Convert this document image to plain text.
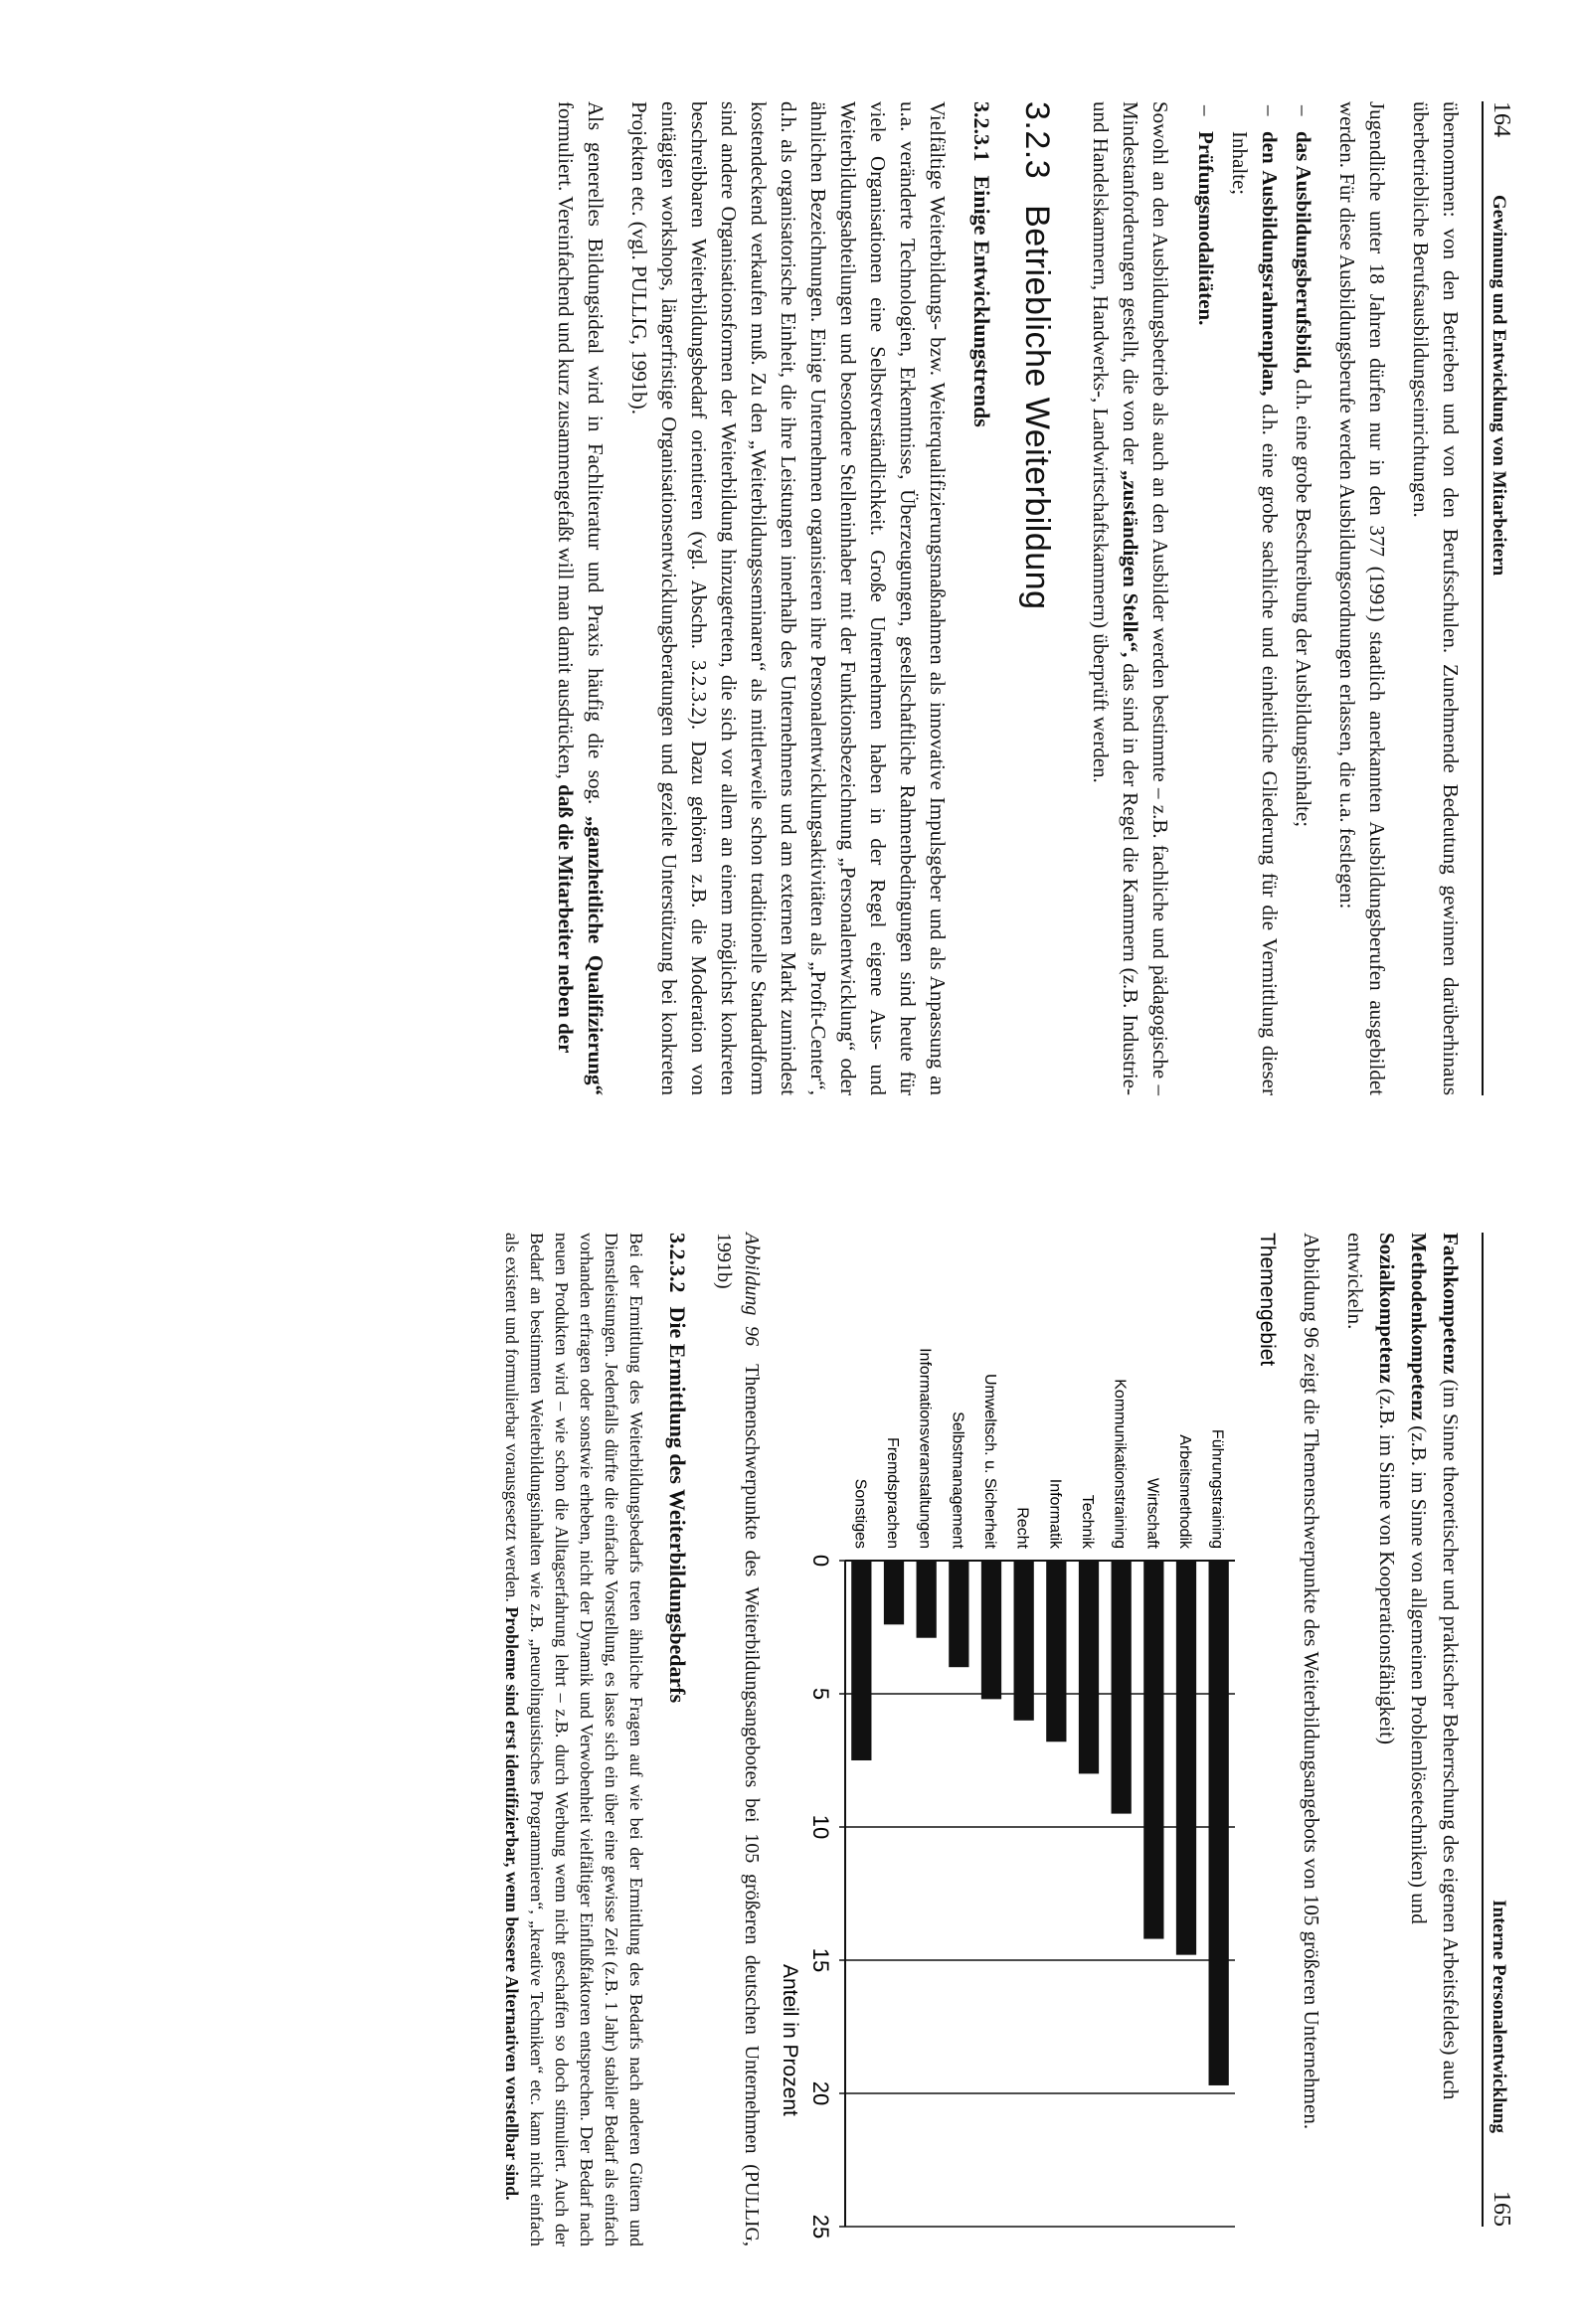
164
Gewinnung und Entwicklung von Mitarbeitern

übernommen: von den Betrieben und von den Berufsschulen. Zunehmende Bedeutung gewinnen darüberhinaus überbetriebliche Berufsausbildungseinrichtungen.

Jugendliche unter 18 Jahren dürfen nur in den 377 (1991) staatlich anerkannten Ausbildungsberufen ausgebildet werden. Für diese Ausbildungsberufe werden Ausbildungsordnungen erlassen, die u.a. festlegen:

– das Ausbildungsberufsbild, d.h. eine grobe Beschreibung der Ausbildungsinhalte;
– den Ausbildungsrahmenplan, d.h. eine grobe sachliche und einheitliche Gliederung für die Vermittlung dieser Inhalte;
– Prüfungsmodalitäten.

Sowohl an den Ausbildungsbetrieb als auch an den Ausbilder werden bestimmte – z.B. fachliche und pädagogische – Mindestanforderungen gestellt, die von der „zuständigen Stelle“, das sind in der Regel die Kammern (z.B. Industrie- und Handelskammern, Handwerks-, Landwirtschaftskammern) überprüft werden.

3.2.3Betriebliche Weiterbildung
3.2.3.1Einige Entwicklungstrends

Vielfältige Weiterbildungs- bzw. Weiterqualifizierungsmaßnahmen als innovative Impulsgeber und als Anpassung an u.a. veränderte Technologien, Erkenntnisse, Überzeugungen, gesellschaftliche Rahmenbedingungen sind heute für viele Organisationen eine Selbstverständlichkeit. Große Unternehmen haben in der Regel eigene Aus- und Weiterbildungsabteilungen und besondere Stelleninhaber mit der Funktionsbezeichnung „Personalentwicklung“ oder ähnlichen Bezeichnungen. Einige Unternehmen organisieren ihre Personalentwicklungsaktivitäten als „Profit-Center“, d.h. als organisatorische Einheit, die ihre Leistungen innerhalb des Unternehmens und am externen Markt zumindest kostendeckend verkaufen muß. Zu den „Weiterbildungsseminaren“ als mittlerweile schon traditionelle Standardform sind andere Organisationsformen der Weiterbildung hinzugetreten, die sich vor allem an einem möglichst konkreten beschreibbaren Weiterbildungsbedarf orientieren (vgl. Abschn. 3.2.3.2). Dazu gehören z.B. die Moderation von eintägigen workshops, längerfristige Organisationsentwicklungsberatungen und gezielte Unterstützung bei konkreten Projekten etc. (vgl. PULLIG, 1991b).

Als generelles Bildungsideal wird in Fachliteratur und Praxis häufig die sog. „ganzheitliche Qualifizierung“ formuliert. Vereinfachend und kurz zusammengefaßt will man damit ausdrücken, daß die Mitarbeiter neben der

Interne Personalentwicklung
165

Fachkompetenz (im Sinne theoretischer und praktischer Beherrschung des eigenen Arbeitsfeldes) auch

Methodenkompetenz (z.B. im Sinne von allgemeinen Problemlösetechniken) und

Sozialkompetenz (z.B. im Sinne von Kooperationsfähigkeit)

entwickeln.

Abbildung 96 zeigt die Themenschwerpunkte des Weiterbildungsangebots von 105 größeren Unternehmen.

Themengebiet
0
5
10
15
20
25
Führungstraining
Arbeitsmethodik
Wirtschaft
Kommunikationstraining
Technik
Informatik
Recht
Umweltsch. u. Sicherheit
Selbstmanagement
Informationsveranstaltungen
Fremdsprachen
Sonstiges
Anteil in Prozent

Abbildung 96Themenschwerpunkte des Weiterbildungsangebotes bei 105 größeren deutschen Unternehmen (PULLIG, 1991b)

3.2.3.2Die Ermittlung des Weiterbildungsbedarfs

Bei der Ermittlung des Weiterbildungsbedarfs treten ähnliche Fragen auf wie bei der Ermittlung des Bedarfs nach anderen Gütern und Dienstleistungen. Jedenfalls dürfte die einfache Vorstellung, es lasse sich ein über eine gewisse Zeit (z.B. 1 Jahr) stabiler Bedarf als einfach vorhanden erfragen oder sonstwie erheben, nicht der Dynamik und Verwobenheit vielfältiger Einflußfaktoren entsprechen. Der Bedarf nach neuen Produkten wird – wie schon die Alltagserfahrung lehrt – z.B. durch Werbung wenn nicht geschaffen so doch stimuliert. Auch der Bedarf an bestimmten Weiterbildungsinhalten wie z.B. „neurolinguistisches Programmieren“, „kreative Techniken“ etc. kann nicht einfach als existent und formulierbar vorausgesetzt werden. Probleme sind erst identifizierbar, wenn bessere Alternativen vorstellbar sind.
